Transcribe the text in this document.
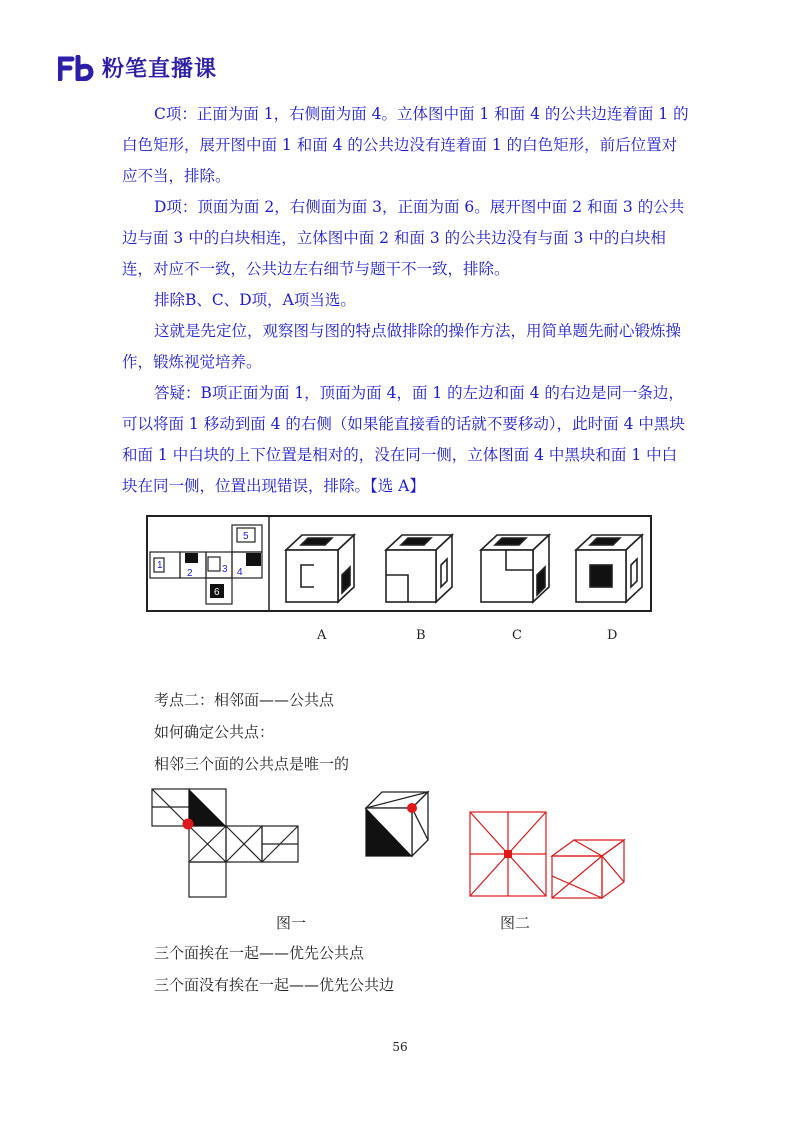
粉笔直播课

C项：正面为面 1，右侧面为面 4。立体图中面 1 和面 4 的公共边连着面 1 的白色矩形，展开图中面 1 和面 4 的公共边没有连着面 1 的白色矩形，前后位置对应不当，排除。

D项：顶面为面 2，右侧面为面 3，正面为面 6。展开图中面 2 和面 3 的公共边与面 3 中的白块相连，立体图中面 2 和面 3 的公共边没有与面 3 中的白块相连，对应不一致，公共边左右细节与题干不一致，排除。

排除B、C、D项，A项当选。

这就是先定位，观察图与图的特点做排除的操作方法，用简单题先耐心锻炼操作，锻炼视觉培养。

答疑：B项正面为面 1，顶面为面 4，面 1 的左边和面 4 的右边是同一条边，可以将面 1 移动到面 4 的右侧（如果能直接看的话就不要移动），此时面 4 中黑块和面 1 中白块的上下位置是相对的，没在同一侧，立体图面 4 中黑块和面 1 中白块在同一侧，位置出现错误，排除。【选 A】

1
2	3 4
5
6
A	B	C	D
考点二：相邻面——公共点
如何确定公共点：
相邻三个面的公共点是唯一的
图一	图二
三个面挨在一起——优先公共点
三个面没有挨在一起——优先公共边
56
